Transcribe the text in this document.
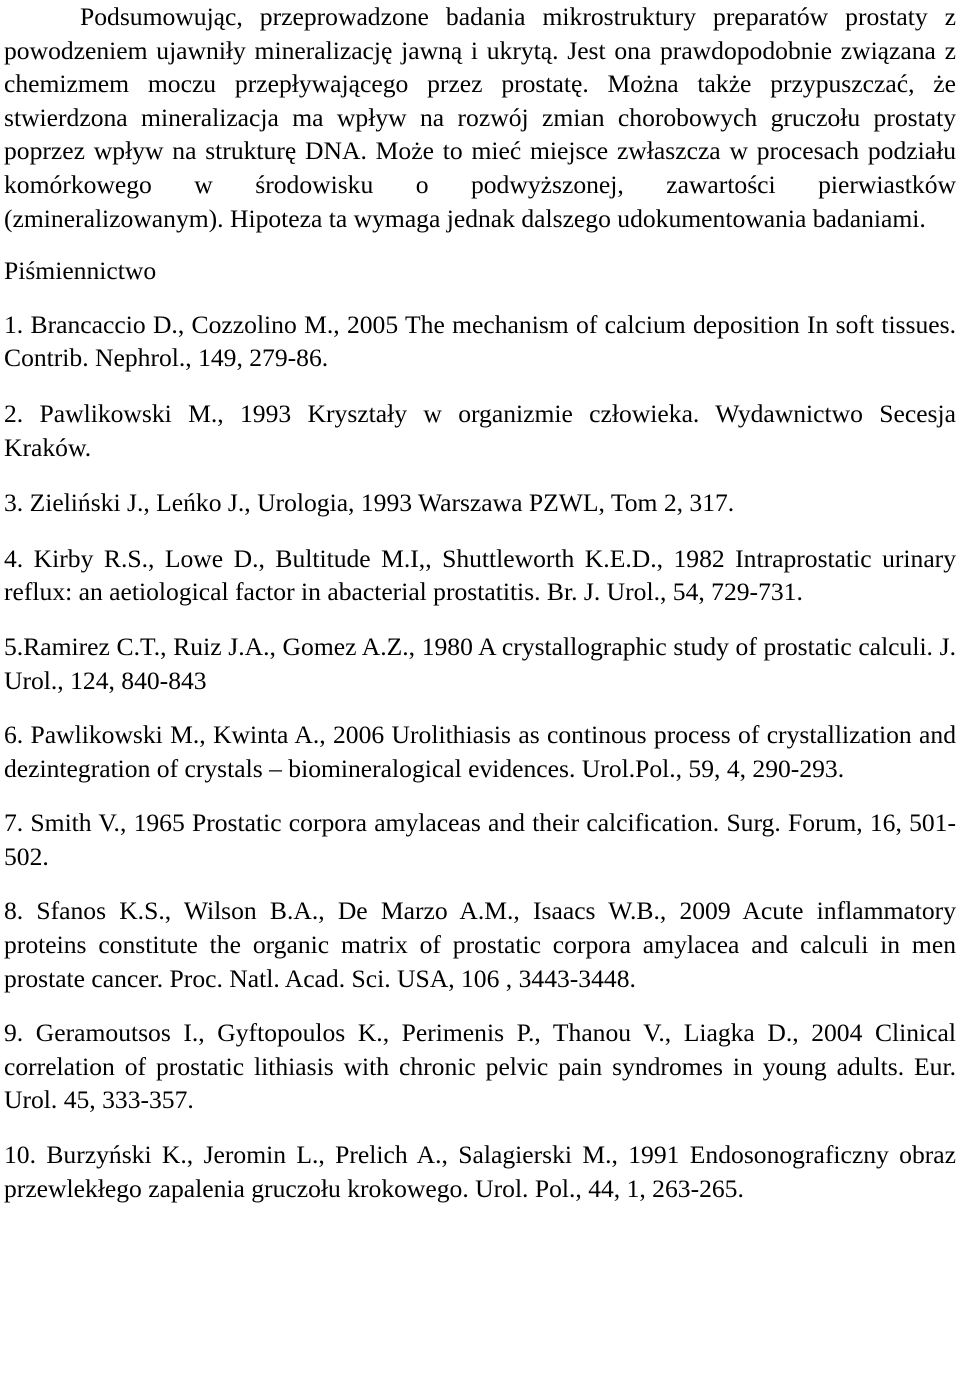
Podsumowując, przeprowadzone badania mikrostruktury preparatów prostaty z powodzeniem ujawniły mineralizację jawną i ukrytą. Jest ona prawdopodobnie związana z chemizmem moczu przepływającego przez prostatę. Można także przypuszczać, że stwierdzona mineralizacja ma wpływ na rozwój zmian chorobowych gruczołu prostaty poprzez wpływ na strukturę DNA. Może to mieć miejsce zwłaszcza w procesach podziału komórkowego w środowisku o podwyższonej, zawartości pierwiastków (zmineralizowanym). Hipoteza ta wymaga jednak dalszego udokumentowania badaniami.

Piśmiennictwo
1. Brancaccio D., Cozzolino M., 2005 The mechanism of calcium deposition In soft tissues. Contrib. Nephrol., 149, 279-86.
2. Pawlikowski M., 1993 Kryształy w organizmie człowieka. Wydawnictwo Secesja Kraków.
3. Zieliński J., Leńko J., Urologia, 1993 Warszawa PZWL, Tom 2, 317.
4. Kirby R.S., Lowe D., Bultitude M.I,, Shuttleworth K.E.D., 1982 Intraprostatic urinary reflux: an aetiological factor in abacterial prostatitis. Br. J. Urol., 54, 729-731.
5.Ramirez C.T., Ruiz J.A., Gomez A.Z., 1980 A crystallographic study of prostatic calculi. J. Urol., 124, 840-843
6. Pawlikowski M., Kwinta A., 2006 Urolithiasis as continous process of crystallization and dezintegration of crystals – biomineralogical evidences. Urol.Pol., 59, 4, 290-293.
7. Smith V., 1965 Prostatic corpora amylaceas and their calcification. Surg. Forum, 16, 501-502.
8. Sfanos K.S., Wilson B.A., De Marzo A.M., Isaacs W.B., 2009 Acute inflammatory proteins constitute the organic matrix of prostatic corpora amylacea and calculi in men prostate cancer. Proc. Natl. Acad. Sci. USA, 106 , 3443-3448.
9. Geramoutsos I., Gyftopoulos K., Perimenis P., Thanou V., Liagka D., 2004 Clinical correlation of prostatic lithiasis with chronic pelvic pain syndromes in young adults. Eur. Urol. 45, 333-357.
10. Burzyński K., Jeromin L., Prelich A., Salagierski M., 1991 Endosonograficzny obraz przewlekłego zapalenia gruczołu krokowego. Urol. Pol., 44, 1, 263-265.
